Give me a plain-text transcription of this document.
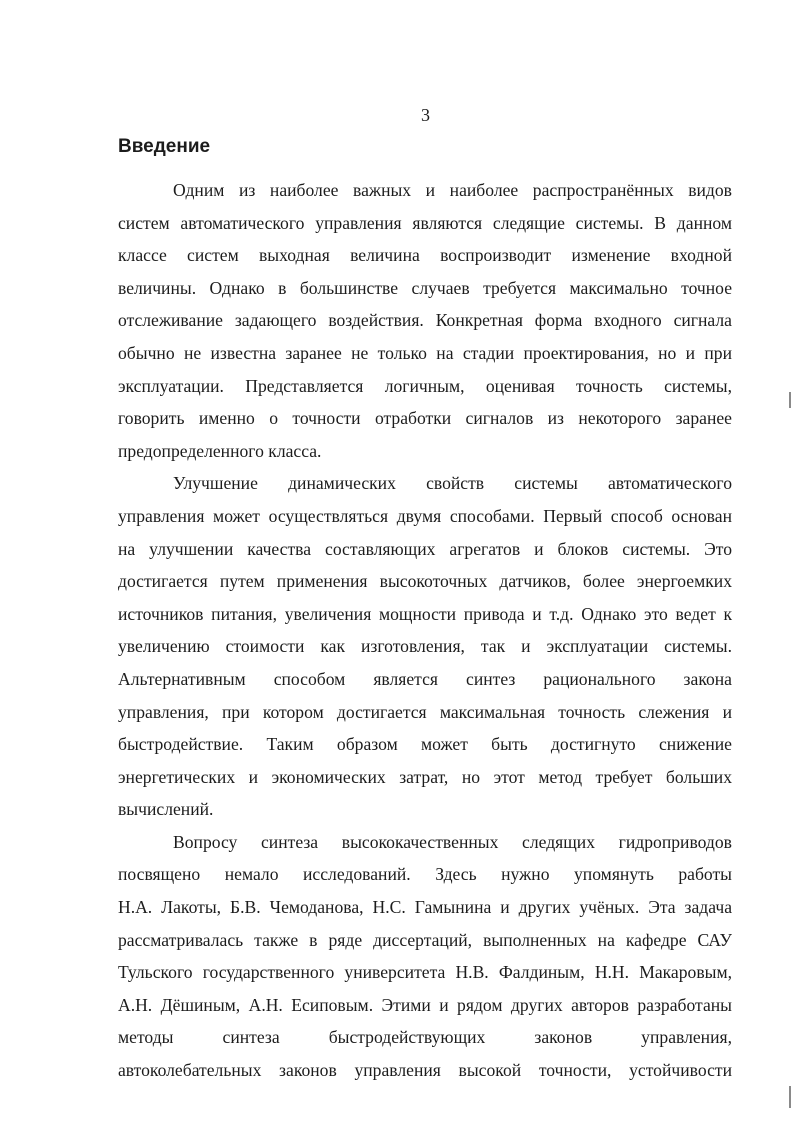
3
Введение
Одним из наиболее важных и наиболее распространённых видов
систем автоматического управления являются следящие системы. В данном
классе систем выходная величина воспроизводит изменение входной
величины. Однако в большинстве случаев требуется максимально точное
отслеживание задающего воздействия. Конкретная форма входного сигнала
обычно не известна заранее не только на стадии проектирования, но и при
эксплуатации. Представляется логичным, оценивая точность системы,
говорить именно о точности отработки сигналов из некоторого заранее
предопределенного класса.
Улучшение динамических свойств системы автоматического
управления может осуществляться двумя способами. Первый способ основан
на улучшении качества составляющих агрегатов и блоков системы. Это
достигается путем применения высокоточных датчиков, более энергоемких
источников питания, увеличения мощности привода и т.д. Однако это ведет к
увеличению стоимости как изготовления, так и эксплуатации системы.
Альтернативным способом является синтез рационального закона
управления, при котором достигается максимальная точность слежения и
быстродействие. Таким образом может быть достигнуто снижение
энергетических и экономических затрат, но этот метод требует больших
вычислений.
Вопросу синтеза высококачественных следящих гидроприводов
посвящено немало исследований. Здесь нужно упомянуть работы
Н.А. Лакоты, Б.В. Чемоданова, Н.С. Гамынина и других учёных. Эта задача
рассматривалась также в ряде диссертаций, выполненных на кафедре САУ
Тульского государственного университета Н.В. Фалдиным, Н.Н. Макаровым,
А.Н. Дёшиным, А.Н. Есиповым. Этими и рядом других авторов разработаны
методы синтеза быстродействующих законов управления,
автоколебательных законов управления высокой точности, устойчивости
